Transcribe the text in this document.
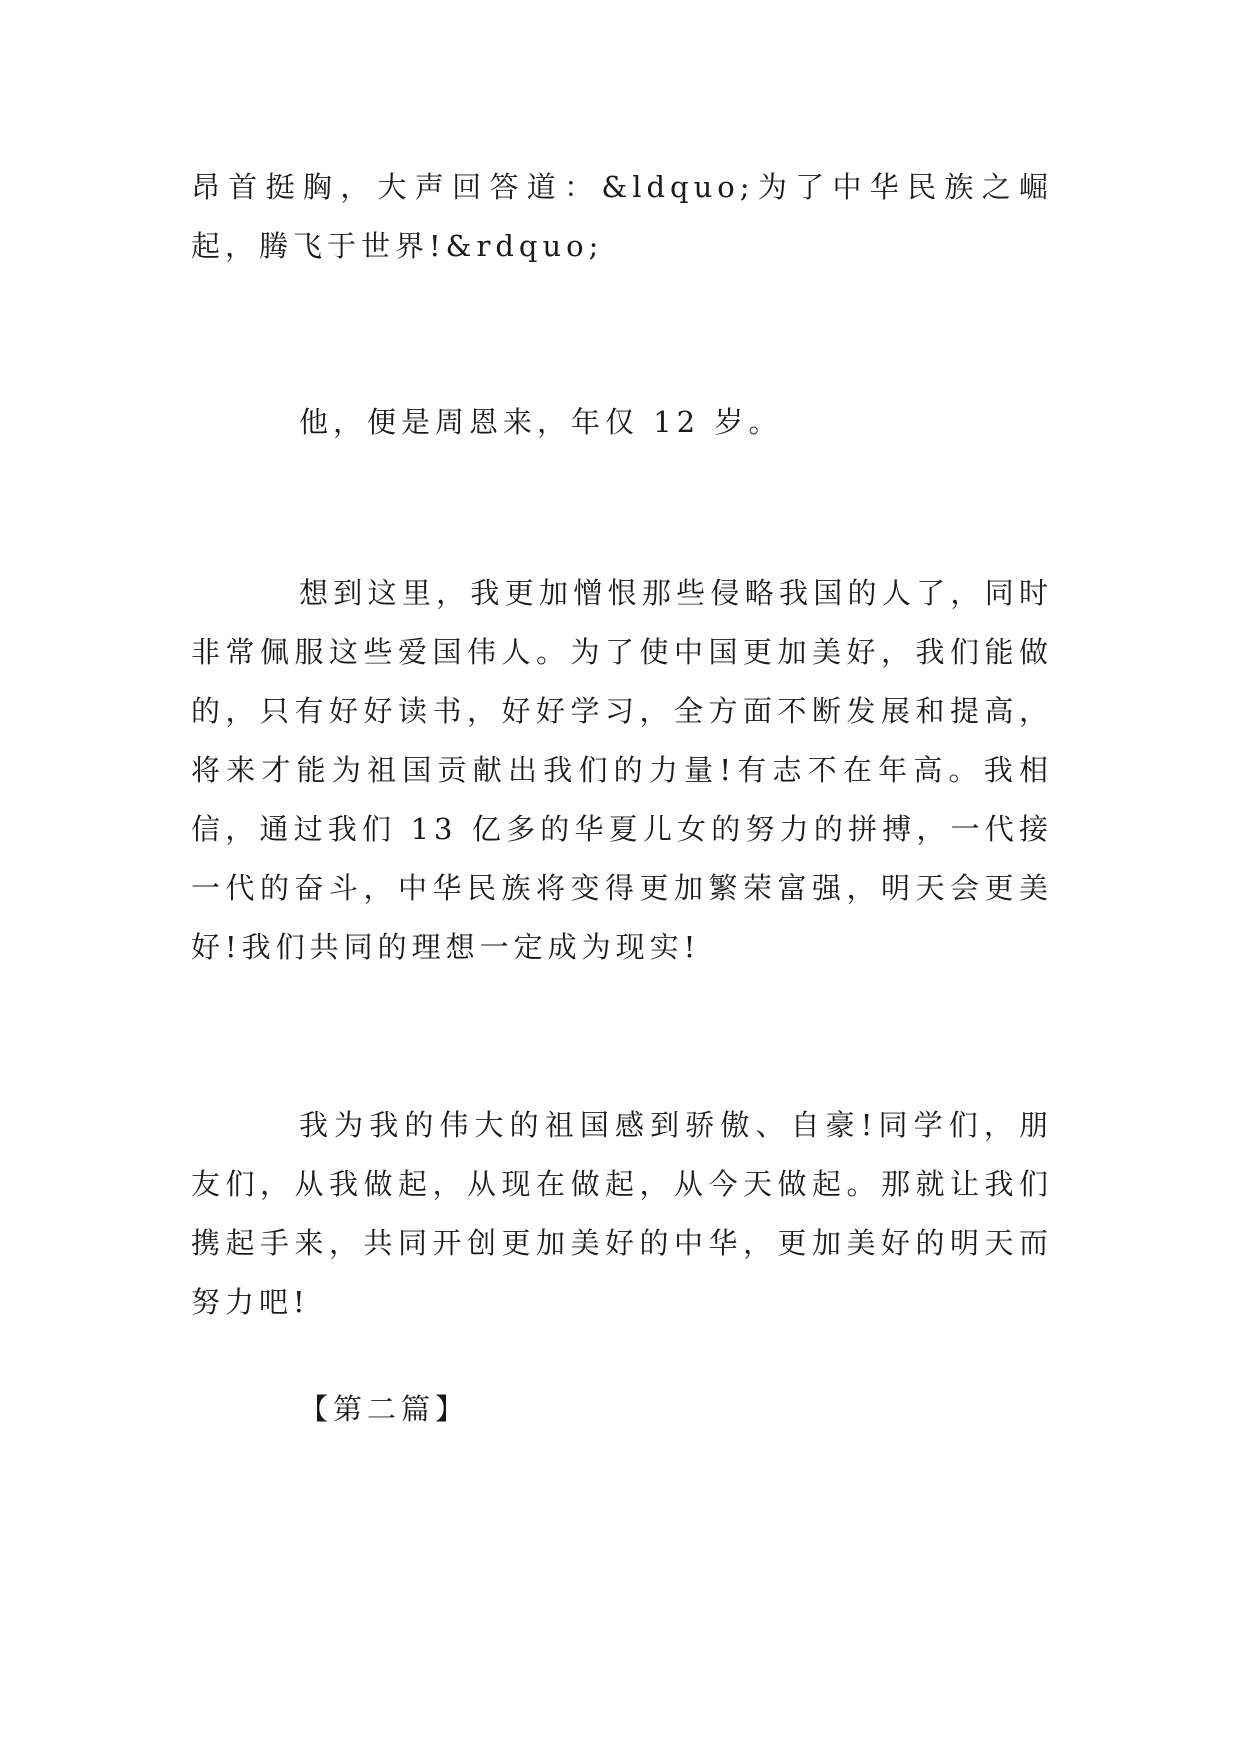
昂首挺胸，大声回答道：&ldquo;为了中华民族之崛起，腾飞于世界!&rdquo;

他，便是周恩来，年仅 12 岁。

想到这里，我更加憎恨那些侵略我国的人了，同时非常佩服这些爱国伟人。为了使中国更加美好，我们能做的，只有好好读书，好好学习，全方面不断发展和提高，将来才能为祖国贡献出我们的力量!有志不在年高。我相信，通过我们 13 亿多的华夏儿女的努力的拼搏，一代接一代的奋斗，中华民族将变得更加繁荣富强，明天会更美好!我们共同的理想一定成为现实!

我为我的伟大的祖国感到骄傲、自豪!同学们，朋友们，从我做起，从现在做起，从今天做起。那就让我们携起手来，共同开创更加美好的中华，更加美好的明天而努力吧!

【第二篇】
